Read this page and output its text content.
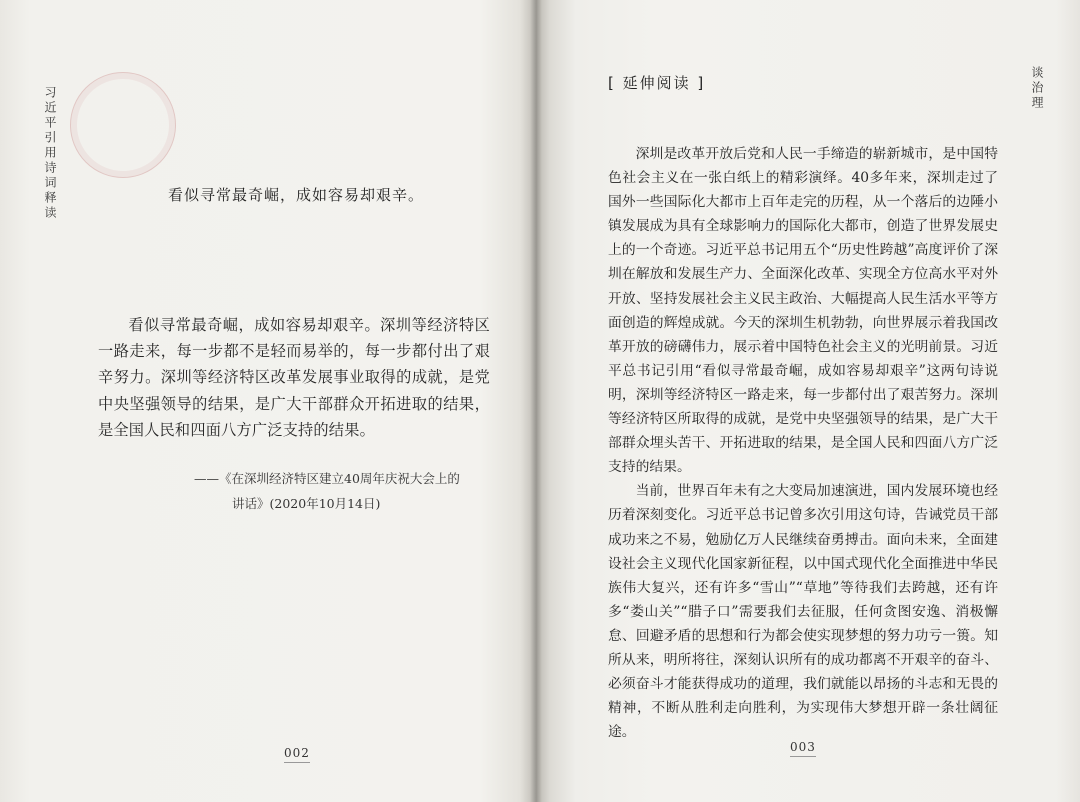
习近平引用诗词释读	看似寻常最奇崛，成如容易却艰辛。
看似寻常最奇崛，成如容易却艰辛。深圳等经济特区一路走来，每一步都不是轻而易举的，每一步都付出了艰辛努力。深圳等经济特区改革发展事业取得的成就，是党中央坚强领导的结果，是广大干部群众开拓进取的结果，是全国人民和四面八方广泛支持的结果。
——《在深圳经济特区建立40周年庆祝大会上的
讲话》(2020年10月14日)
002
[ 延伸阅读 ]	谈治理

深圳是改革开放后党和人民一手缔造的崭新城市，是中国特色社会主义在一张白纸上的精彩演绎。40多年来，深圳走过了国外一些国际化大都市上百年走完的历程，从一个落后的边陲小镇发展成为具有全球影响力的国际化大都市，创造了世界发展史上的一个奇迹。习近平总书记用五个“历史性跨越”高度评价了深圳在解放和发展生产力、全面深化改革、实现全方位高水平对外开放、坚持发展社会主义民主政治、大幅提高人民生活水平等方面创造的辉煌成就。今天的深圳生机勃勃，向世界展示着我国改革开放的磅礴伟力，展示着中国特色社会主义的光明前景。习近平总书记引用“看似寻常最奇崛，成如容易却艰辛”这两句诗说明，深圳等经济特区一路走来，每一步都付出了艰苦努力。深圳等经济特区所取得的成就，是党中央坚强领导的结果，是广大干部群众埋头苦干、开拓进取的结果，是全国人民和四面八方广泛支持的结果。

当前，世界百年未有之大变局加速演进，国内发展环境也经历着深刻变化。习近平总书记曾多次引用这句诗，告诫党员干部成功来之不易，勉励亿万人民继续奋勇搏击。面向未来，全面建设社会主义现代化国家新征程，以中国式现代化全面推进中华民族伟大复兴，还有许多“雪山”“草地”等待我们去跨越，还有许多“娄山关”“腊子口”需要我们去征服，任何贪图安逸、消极懈怠、回避矛盾的思想和行为都会使实现梦想的努力功亏一篑。知所从来，明所将往，深刻认识所有的成功都离不开艰辛的奋斗、必须奋斗才能获得成功的道理，我们就能以昂扬的斗志和无畏的精神，不断从胜利走向胜利，为实现伟大梦想开辟一条壮阔征途。

003
